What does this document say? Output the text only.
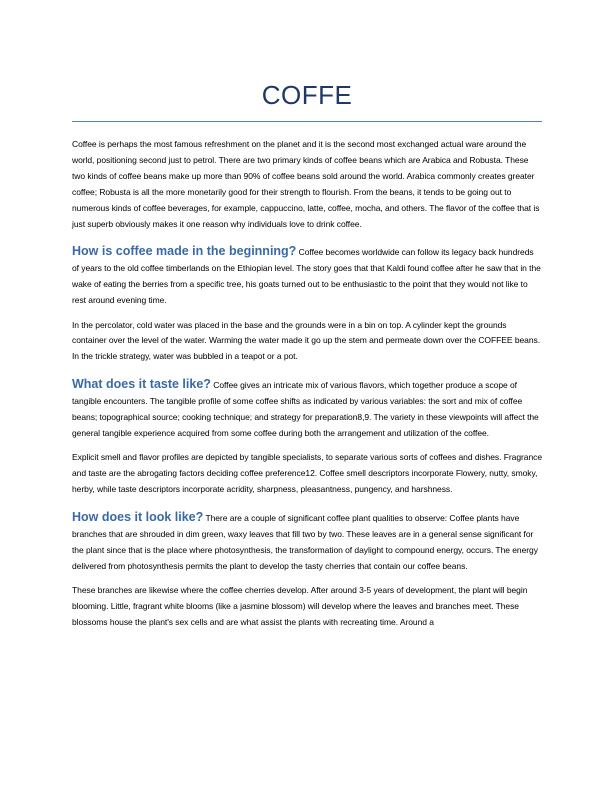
COFFE

Coffee is perhaps the most famous refreshment on the planet and it is the second most exchanged actual ware around the world, positioning second just to petrol. There are two primary kinds of coffee beans which are Arabica and Robusta. These two kinds of coffee beans make up more than 90% of coffee beans sold around the world. Arabica commonly creates greater coffee; Robusta is all the more monetarily good for their strength to flourish. From the beans, it tends to be going out to numerous kinds of coffee beverages, for example, cappuccino, latte, coffee, mocha, and others. The flavor of the coffee that is just superb obviously makes it one reason why individuals love to drink coffee.

How is coffee made in the beginning? Coffee becomes worldwide can follow its legacy back hundreds of years to the old coffee timberlands on the Ethiopian level. The story goes that that Kaldi found coffee after he saw that in the wake of eating the berries from a specific tree, his goats turned out to be enthusiastic to the point that they would not like to rest around evening time.

In the percolator, cold water was placed in the base and the grounds were in a bin on top. A cylinder kept the grounds container over the level of the water. Warming the water made it go up the stem and permeate down over the COFFEE beans. In the trickle strategy, water was bubbled in a teapot or a pot.

What does it taste like? Coffee gives an intricate mix of various flavors, which together produce a scope of tangible encounters. The tangible profile of some coffee shifts as indicated by various variables: the sort and mix of coffee beans; topographical source; cooking technique; and strategy for preparation8,9. The variety in these viewpoints will affect the general tangible experience acquired from some coffee during both the arrangement and utilization of the coffee.

Explicit smell and flavor profiles are depicted by tangible specialists, to separate various sorts of coffees and dishes. Fragrance and taste are the abrogating factors deciding coffee preference12. Coffee smell descriptors incorporate Flowery, nutty, smoky, herby, while taste descriptors incorporate acridity, sharpness, pleasantness, pungency, and harshness.

How does it look like? There are a couple of significant coffee plant qualities to observe: Coffee plants have branches that are shrouded in dim green, waxy leaves that fill two by two. These leaves are in a general sense significant for the plant since that is the place where photosynthesis, the transformation of daylight to compound energy, occurs. The energy delivered from photosynthesis permits the plant to develop the tasty cherries that contain our coffee beans.

These branches are likewise where the coffee cherries develop. After around 3-5 years of development, the plant will begin blooming. Little, fragrant white blooms (like a jasmine blossom) will develop where the leaves and branches meet. These blossoms house the plant's sex cells and are what assist the plants with recreating time. Around a
